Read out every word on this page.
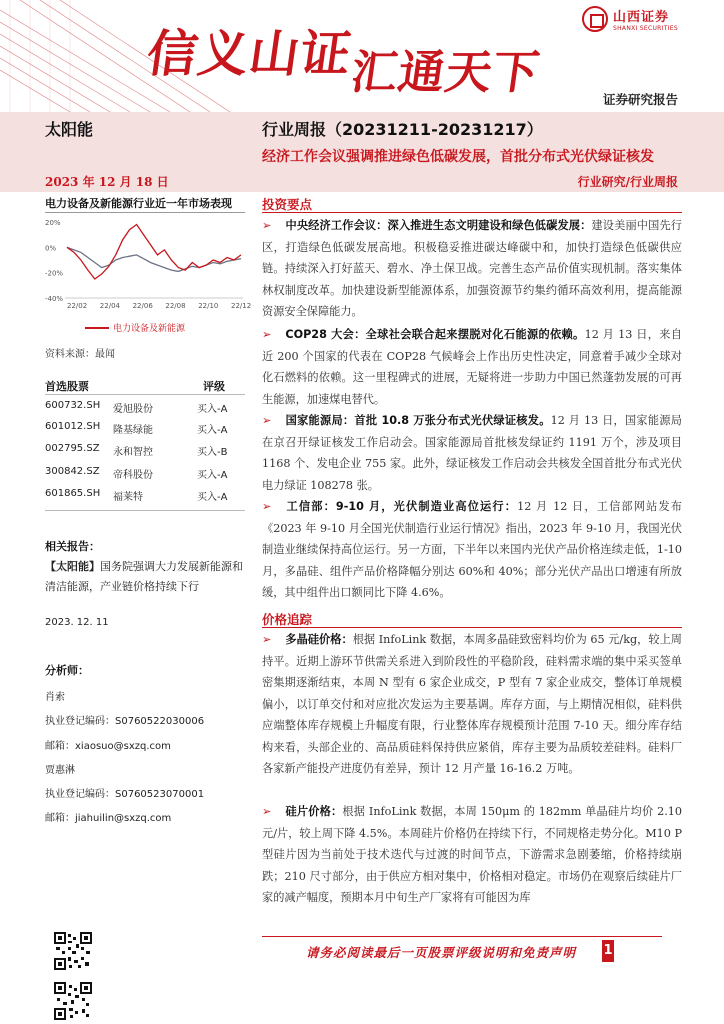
信义山证
汇通天下
山西证券
SHANXI SECURITIES
证券研究报告
太阳能	行业周报（20231211-20231217）
经济工作会议强调推进绿色低碳发展，首批分布式光伏绿证核发
2023 年 12 月 18 日	行业研究/行业周报
电力设备及新能源行业近一年市场表现
20%
0%
-20%
-40%
22/02 22/04 22/06 22/08 22/10 22/12
电力设备及新能源
资料来源：最闻
首选股票	评级
600732.SH 爱旭股份	买入-A
601012.SH 隆基绿能	买入-A
002795.SZ 永和智控	买入-B
300842.SZ 帝科股份	买入-A
601865.SH 福莱特	买入-A
相关报告：
【太阳能】国务院强调大力发展新能源和清洁能源，产业链价格持续下行
2023. 12. 11
分析师：
肖索
执业登记编码：S0760522030006
邮箱：xiaosuo@sxzq.com
贾惠淋
执业登记编码：S0760523070001
邮箱：jiahuilin@sxzq.com
投资要点
➢ 中央经济工作会议：深入推进生态文明建设和绿色低碳发展：建设美丽中国先行区，打造绿色低碳发展高地。积极稳妥推进碳达峰碳中和，加快打造绿色低碳供应链。持续深入打好蓝天、碧水、净土保卫战。完善生态产品价值实现机制。落实集体林权制度改革。加快建设新型能源体系，加强资源节约集约循环高效利用，提高能源资源安全保障能力。
➢ COP28 大会：全球社会联合起来摆脱对化石能源的依赖。12 月 13 日，来自近 200 个国家的代表在 COP28 气候峰会上作出历史性决定，同意着手减少全球对化石燃料的依赖。这一里程碑式的进展，无疑将进一步助力中国已然蓬勃发展的可再生能源，加速煤电替代。
➢ 国家能源局：首批 10.8 万张分布式光伏绿证核发。12 月 13 日，国家能源局在京召开绿证核发工作启动会。国家能源局首批核发绿证约 1191 万个，涉及项目 1168 个、发电企业 755 家。此外，绿证核发工作启动会共核发全国首批分布式光伏电力绿证 108278 张。
➢ 工信部：9-10 月，光伏制造业高位运行：12 月 12 日，工信部网站发布《2023 年 9-10 月全国光伏制造行业运行情况》指出，2023 年 9-10 月，我国光伏制造业继续保持高位运行。另一方面，下半年以来国内光伏产品价格连续走低，1-10 月，多晶硅、组件产品价格降幅分别达 60%和 40%；部分光伏产品出口增速有所放缓，其中组件出口额同比下降 4.6%。
价格追踪
➢ 多晶硅价格：根据 InfoLink 数据，本周多晶硅致密料均价为 65 元/kg，较上周持平。近期上游环节供需关系进入到阶段性的平稳阶段，硅料需求端的集中采买签单密集期逐渐结束，本周 N 型有 6 家企业成交，P 型有 7 家企业成交，整体订单规模偏小，以订单交付和对应批次发运为主要基调。库存方面，与上期情况相似，硅料供应端整体库存规模上升幅度有限，行业整体库存规模预计范围 7-10 天。细分库存结构来看，头部企业的、高品质硅料保持供应紧俏，库存主要为品质较差硅料。硅料厂各家新产能投产进度仍有差异，预计 12 月产量 16-16.2 万吨。
➢ 硅片价格：根据 InfoLink 数据，本周 150μm 的 182mm 单晶硅片均价 2.10 元/片，较上周下降 4.5%。本周硅片价格仍在持续下行，不同规格走势分化。M10 P 型硅片因为当前处于技术迭代与过渡的时间节点，下游需求急剧萎缩，价格持续崩跌；210 尺寸部分，由于供应方相对集中，价格相对稳定。市场仍在观察后续硅片厂家的减产幅度，预期本月中旬生产厂家将有可能因为库
请务必阅读最后一页股票评级说明和免责声明 1
